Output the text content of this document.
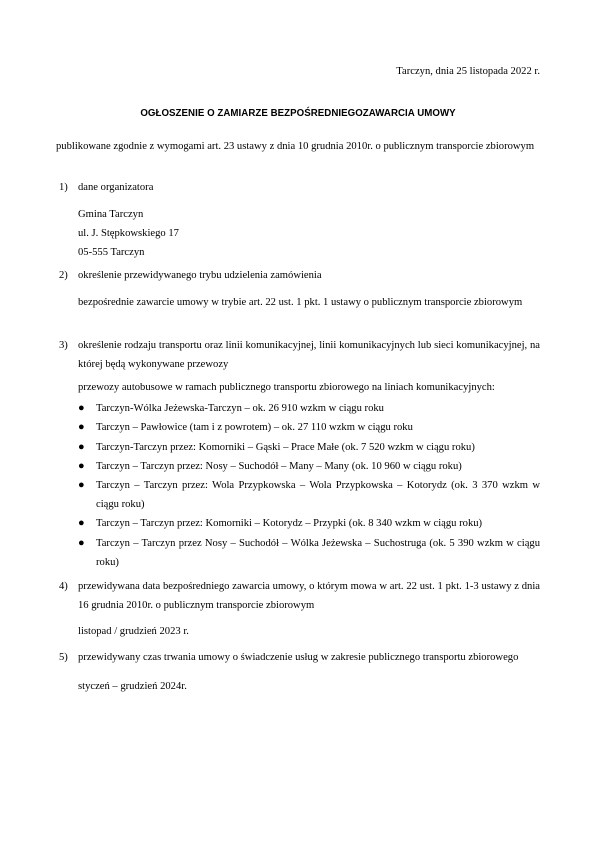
Tarczyn, dnia 25 listopada 2022 r.
OGŁOSZENIE O ZAMIARZE BEZPOŚREDNIEGOZAWARCIA UMOWY
publikowane zgodnie z wymogami art. 23 ustawy z dnia 10 grudnia 2010r. o publicznym transporcie zbiorowym
1) dane organizatora
Gmina Tarczyn
ul. J. Stępkowskiego 17
05-555 Tarczyn
2) określenie przewidywanego trybu udzielenia zamówienia
bezpośrednie zawarcie umowy w trybie art. 22 ust. 1 pkt. 1 ustawy o publicznym transporcie zbiorowym
3) określenie rodzaju transportu oraz linii komunikacyjnej, linii komunikacyjnych lub sieci komunikacyjnej, na której będą wykonywane przewozy
przewozy autobusowe w ramach publicznego transportu zbiorowego na liniach komunikacyjnych:
● Tarczyn-Wólka Jeżewska-Tarczyn – ok. 26 910 wzkm w ciągu roku
● Tarczyn – Pawłowice (tam i z powrotem) – ok. 27 110 wzkm w ciągu roku
● Tarczyn-Tarczyn przez: Komorniki – Gąski – Prace Małe (ok. 7 520 wzkm w ciągu roku)
● Tarczyn – Tarczyn przez: Nosy – Suchodół – Many – Many (ok. 10 960 w ciągu roku)
● Tarczyn – Tarczyn przez: Wola Przypkowska – Wola Przypkowska – Kotorydz (ok. 3 370 wzkm w ciągu roku)
● Tarczyn – Tarczyn przez: Komorniki – Kotorydz – Przypki (ok. 8 340 wzkm w ciągu roku)
● Tarczyn – Tarczyn przez Nosy – Suchodół – Wólka Jeżewska – Suchostruga (ok. 5 390 wzkm w ciągu roku)
4) przewidywana data bezpośredniego zawarcia umowy, o którym mowa w art. 22 ust. 1 pkt. 1-3 ustawy z dnia 16 grudnia 2010r. o publicznym transporcie zbiorowym
listopad / grudzień 2023 r.
5) przewidywany czas trwania umowy o świadczenie usług w zakresie publicznego transportu zbiorowego
styczeń – grudzień 2024r.
